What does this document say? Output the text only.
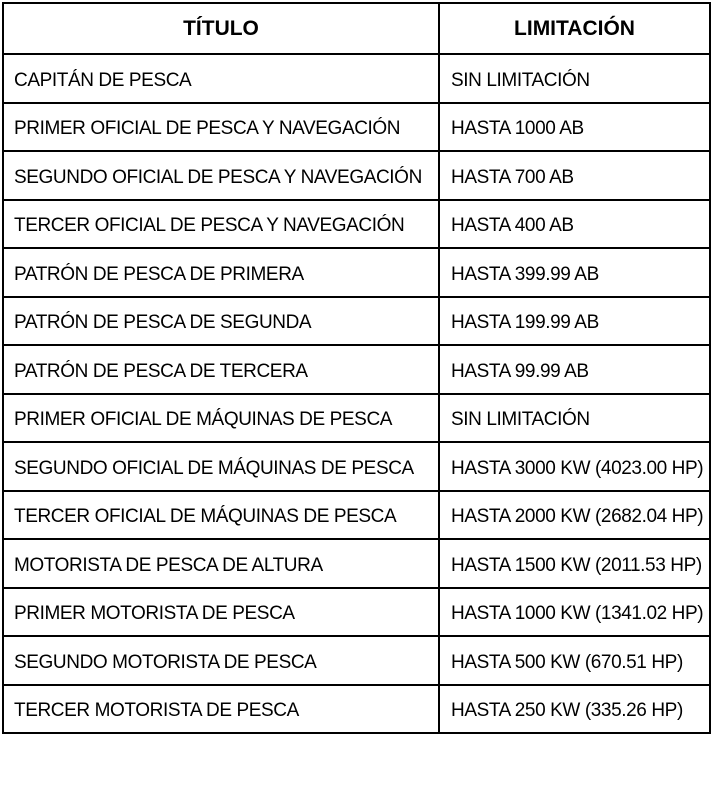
TÍTULO	LIMITACIÓN
CAPITÁN DE PESCA	SIN LIMITACIÓN
PRIMER OFICIAL DE PESCA Y NAVEGACIÓN	HASTA 1000 AB
SEGUNDO OFICIAL DE PESCA Y NAVEGACIÓN	HASTA 700 AB
TERCER OFICIAL DE PESCA Y NAVEGACIÓN	HASTA 400 AB
PATRÓN DE PESCA DE PRIMERA	HASTA 399.99 AB
PATRÓN DE PESCA DE SEGUNDA	HASTA 199.99 AB
PATRÓN DE PESCA DE TERCERA	HASTA 99.99 AB
PRIMER OFICIAL DE MÁQUINAS DE PESCA	SIN LIMITACIÓN
SEGUNDO OFICIAL DE MÁQUINAS DE PESCA	HASTA 3000 KW (4023.00 HP)
TERCER OFICIAL DE MÁQUINAS DE PESCA	HASTA 2000 KW (2682.04 HP)
MOTORISTA DE PESCA DE ALTURA	HASTA 1500 KW (2011.53 HP)
PRIMER MOTORISTA DE PESCA	HASTA 1000 KW (1341.02 HP)
SEGUNDO MOTORISTA DE PESCA	HASTA 500 KW (670.51 HP)
TERCER MOTORISTA DE PESCA	HASTA 250 KW (335.26 HP)
